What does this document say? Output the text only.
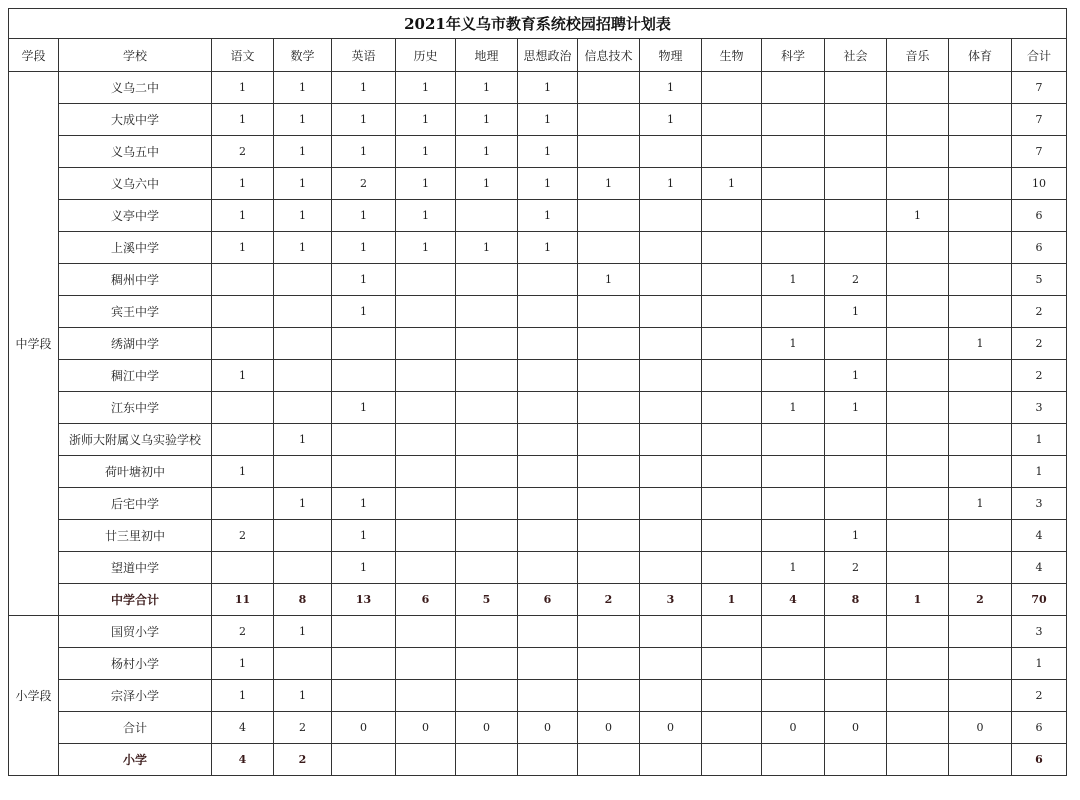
2021年义乌市教育系统校园招聘计划表															
学段	学校	语文	数学	英语	历史	地理	思想政治	信息技术	物理	生物	科学	社会	音乐	体育	合计
中学段	义乌二中	1	1	1	1	1	1		1						7
	大成中学	1	1	1	1	1	1		1						7
	义乌五中	2	1	1	1	1	1								7
	义乌六中	1	1	2	1	1	1	1	1	1					10
	义亭中学	1	1	1	1		1						1		6
	上溪中学	1	1	1	1	1	1								6
	稠州中学			1				1			1	2			5
	宾王中学			1								1			2
	绣湖中学										1			1	2
	稠江中学	1										1			2
	江东中学			1							1	1			3
	浙师大附属义乌实验学校		1												1
	荷叶塘初中	1													1
	后宅中学		1	1										1	3
	廿三里初中	2		1								1			4
	望道中学			1							1	2			4
	中学合计	11	8	13	6	5	6	2	3	1	4	8	1	2	70
小学段	国贸小学	2	1												3
	杨村小学	1													1
	宗泽小学	1	1												2
	合计	4	2	0	0	0	0	0	0		0	0		0	6
	小学	4	2												6
